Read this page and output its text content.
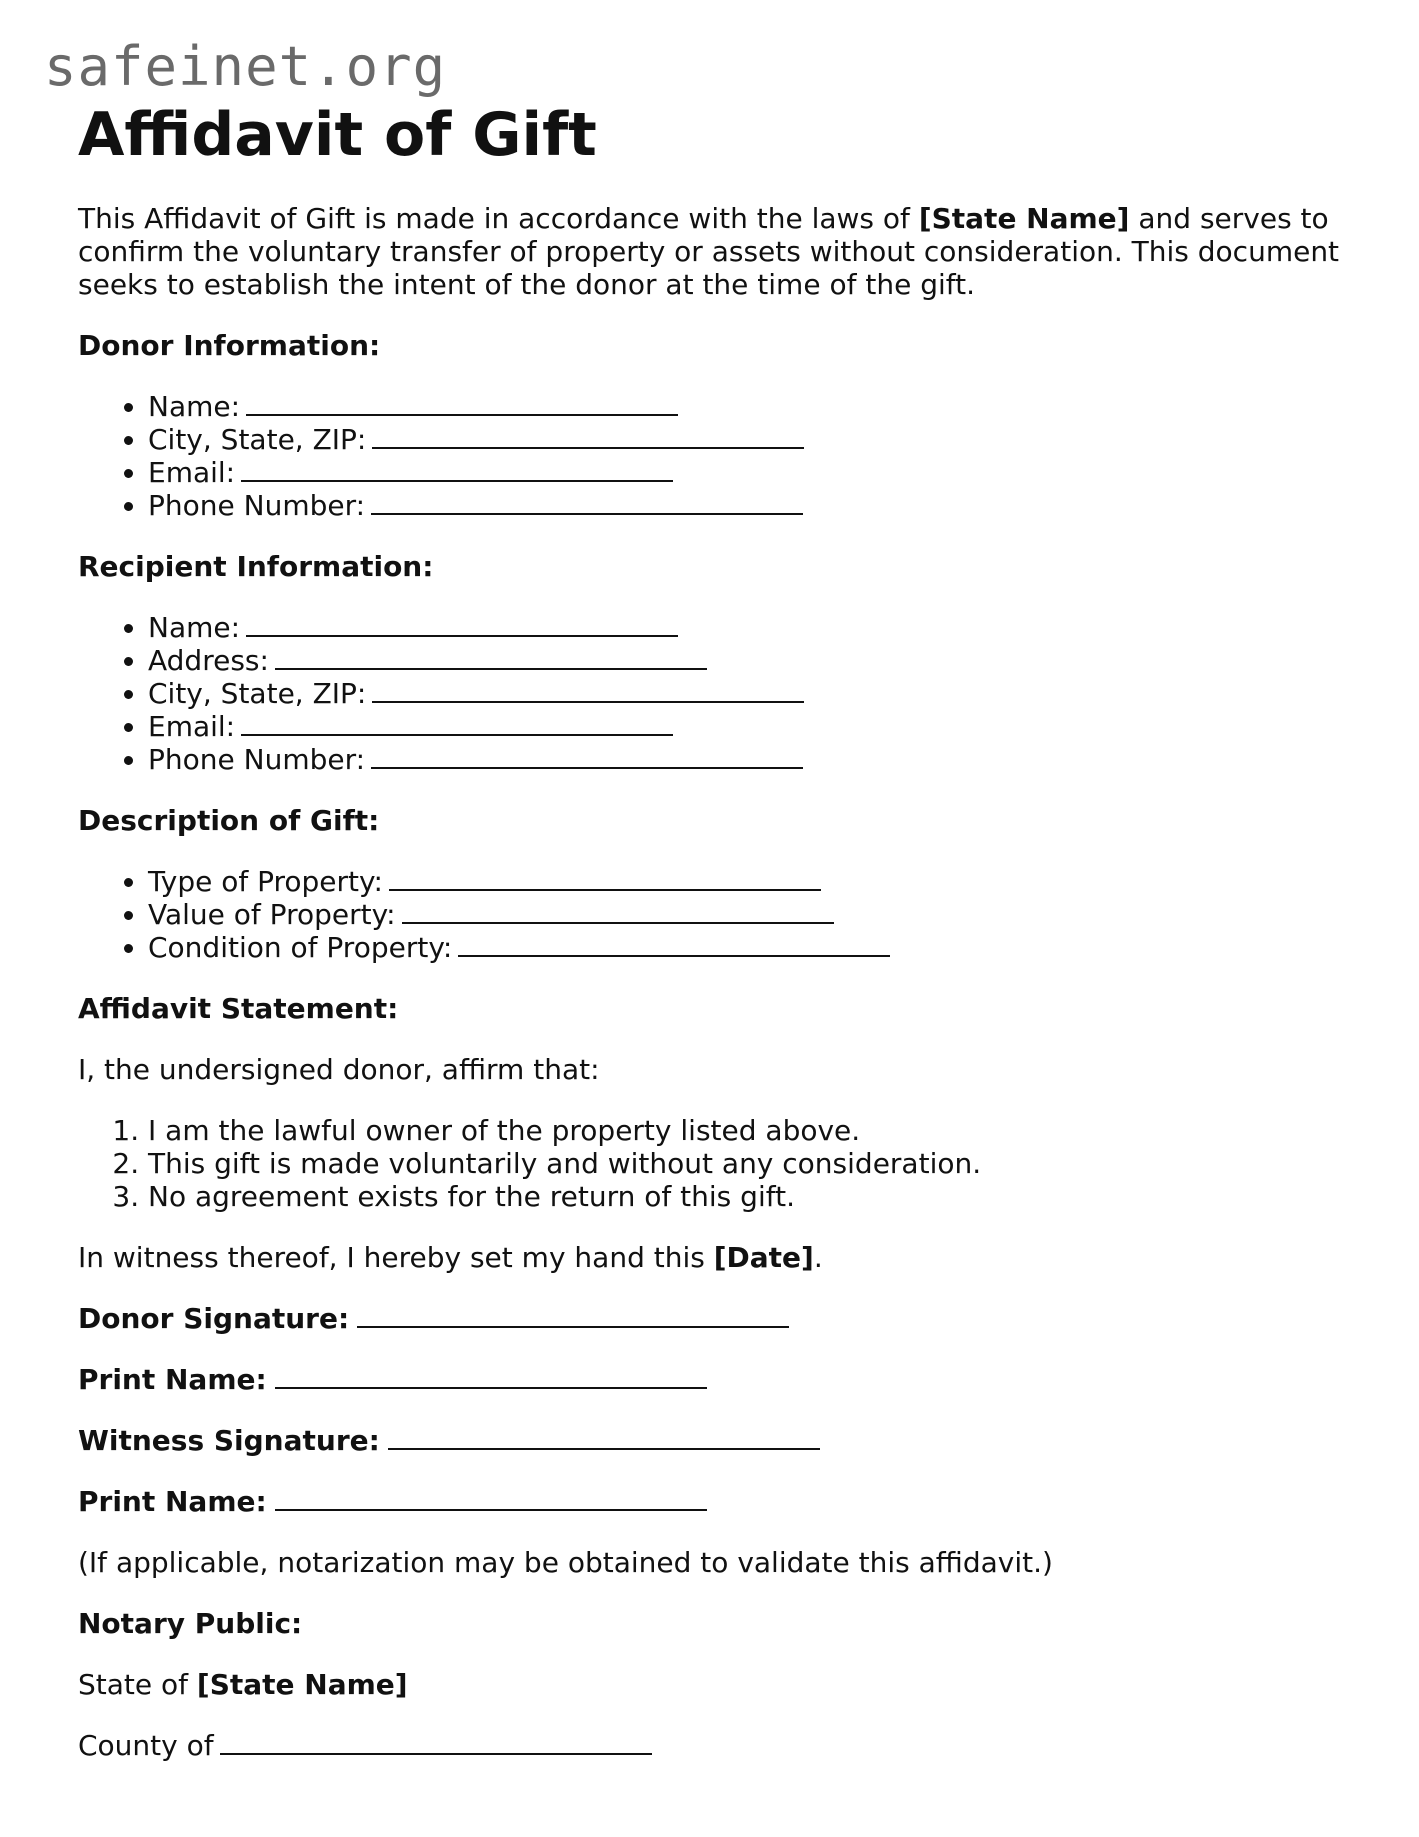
safeinet.org
Affidavit of Gift

This Affidavit of Gift is made in accordance with the laws of [State Name] and serves to confirm the voluntary transfer of property or assets without consideration. This document seeks to establish the intent of the donor at the time of the gift.

Donor Information:

• Name:
• City, State, ZIP:
• Email:
• Phone Number:

Recipient Information:

• Name:
• Address:
• City, State, ZIP:
• Email:
• Phone Number:

Description of Gift:

• Type of Property:
• Value of Property:
• Condition of Property:

Affidavit Statement:

I, the undersigned donor, affirm that:

1. I am the lawful owner of the property listed above.
2. This gift is made voluntarily and without any consideration.
3. No agreement exists for the return of this gift.

In witness thereof, I hereby set my hand this [Date].

Donor Signature:

Print Name:

Witness Signature:

Print Name:

(If applicable, notarization may be obtained to validate this affidavit.)

Notary Public:

State of [State Name]

County of
